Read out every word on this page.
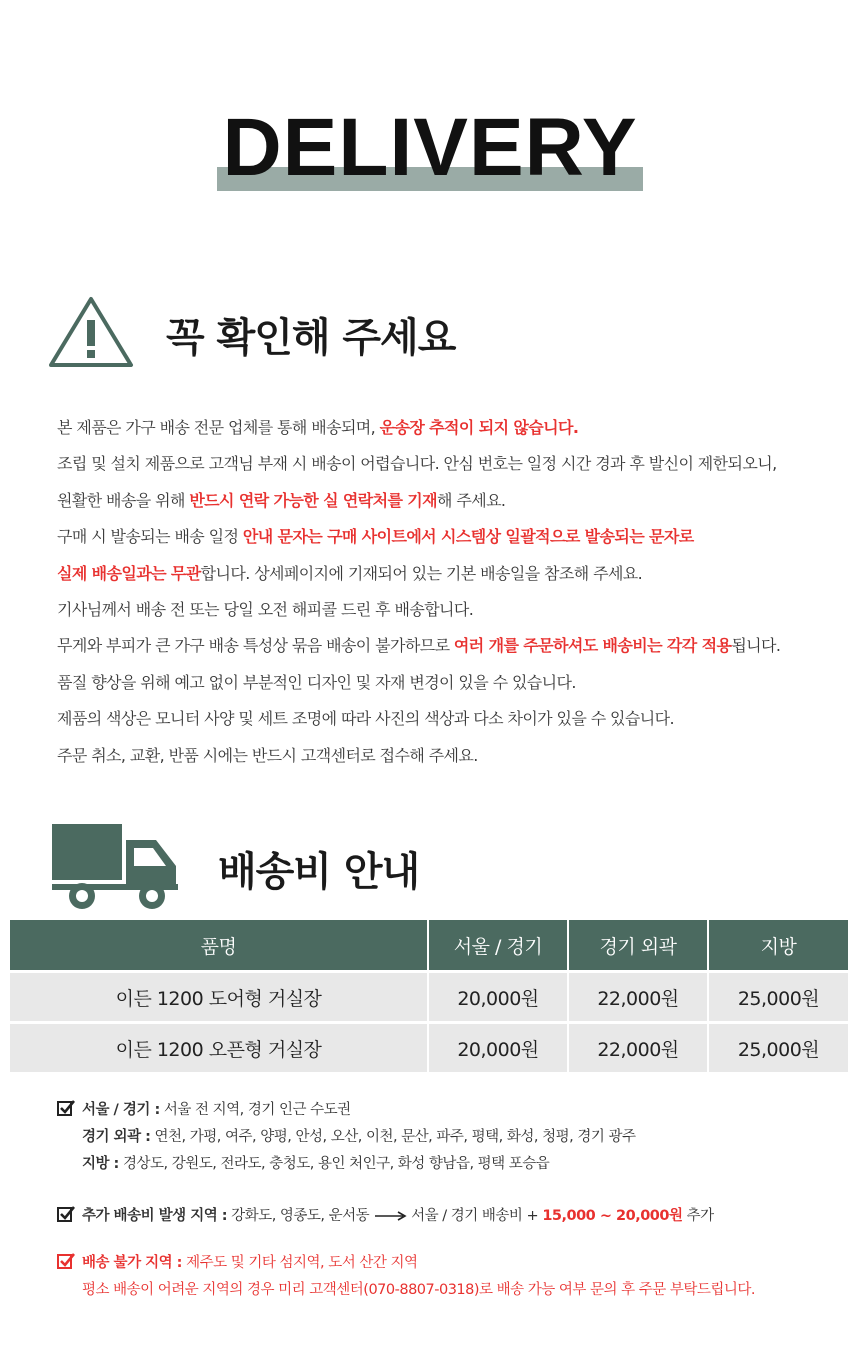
DELIVERY
꼭 확인해 주세요
본 제품은 가구 배송 전문 업체를 통해 배송되며, 운송장 추적이 되지 않습니다.
조립 및 설치 제품으로 고객님 부재 시 배송이 어렵습니다. 안심 번호는 일정 시간 경과 후 발신이 제한되오니,
원활한 배송을 위해 반드시 연락 가능한 실 연락처를 기재해 주세요.
구매 시 발송되는 배송 일정 안내 문자는 구매 사이트에서 시스템상 일괄적으로 발송되는 문자로
실제 배송일과는 무관합니다. 상세페이지에 기재되어 있는 기본 배송일을 참조해 주세요.
기사님께서 배송 전 또는 당일 오전 해피콜 드린 후 배송합니다.
무게와 부피가 큰 가구 배송 특성상 묶음 배송이 불가하므로 여러 개를 주문하셔도 배송비는 각각 적용됩니다.
품질 향상을 위해 예고 없이 부분적인 디자인 및 자재 변경이 있을 수 있습니다.
제품의 색상은 모니터 사양 및 세트 조명에 따라 사진의 색상과 다소 차이가 있을 수 있습니다.
주문 취소, 교환, 반품 시에는 반드시 고객센터로 접수해 주세요.
배송비 안내
품명	서울 / 경기	경기 외곽	지방
이든 1200 도어형 거실장	20,000원	22,000원	25,000원
이든 1200 오픈형 거실장	20,000원	22,000원	25,000원
서울 / 경기 : 서울 전 지역, 경기 인근 수도권
경기 외곽 : 연천, 가평, 여주, 양평, 안성, 오산, 이천, 문산, 파주, 평택, 화성, 청평, 경기 광주
지방 : 경상도, 강원도, 전라도, 충청도, 용인 처인구, 화성 향남읍, 평택 포승읍
추가 배송비 발생 지역 : 강화도, 영종도, 운서동	서울 / 경기 배송비 + 15,000 ~ 20,000원 추가
배송 불가 지역 : 제주도 및 기타 섬지역, 도서 산간 지역
평소 배송이 어려운 지역의 경우 미리 고객센터(070-8807-0318)로 배송 가능 여부 문의 후 주문 부탁드립니다.
